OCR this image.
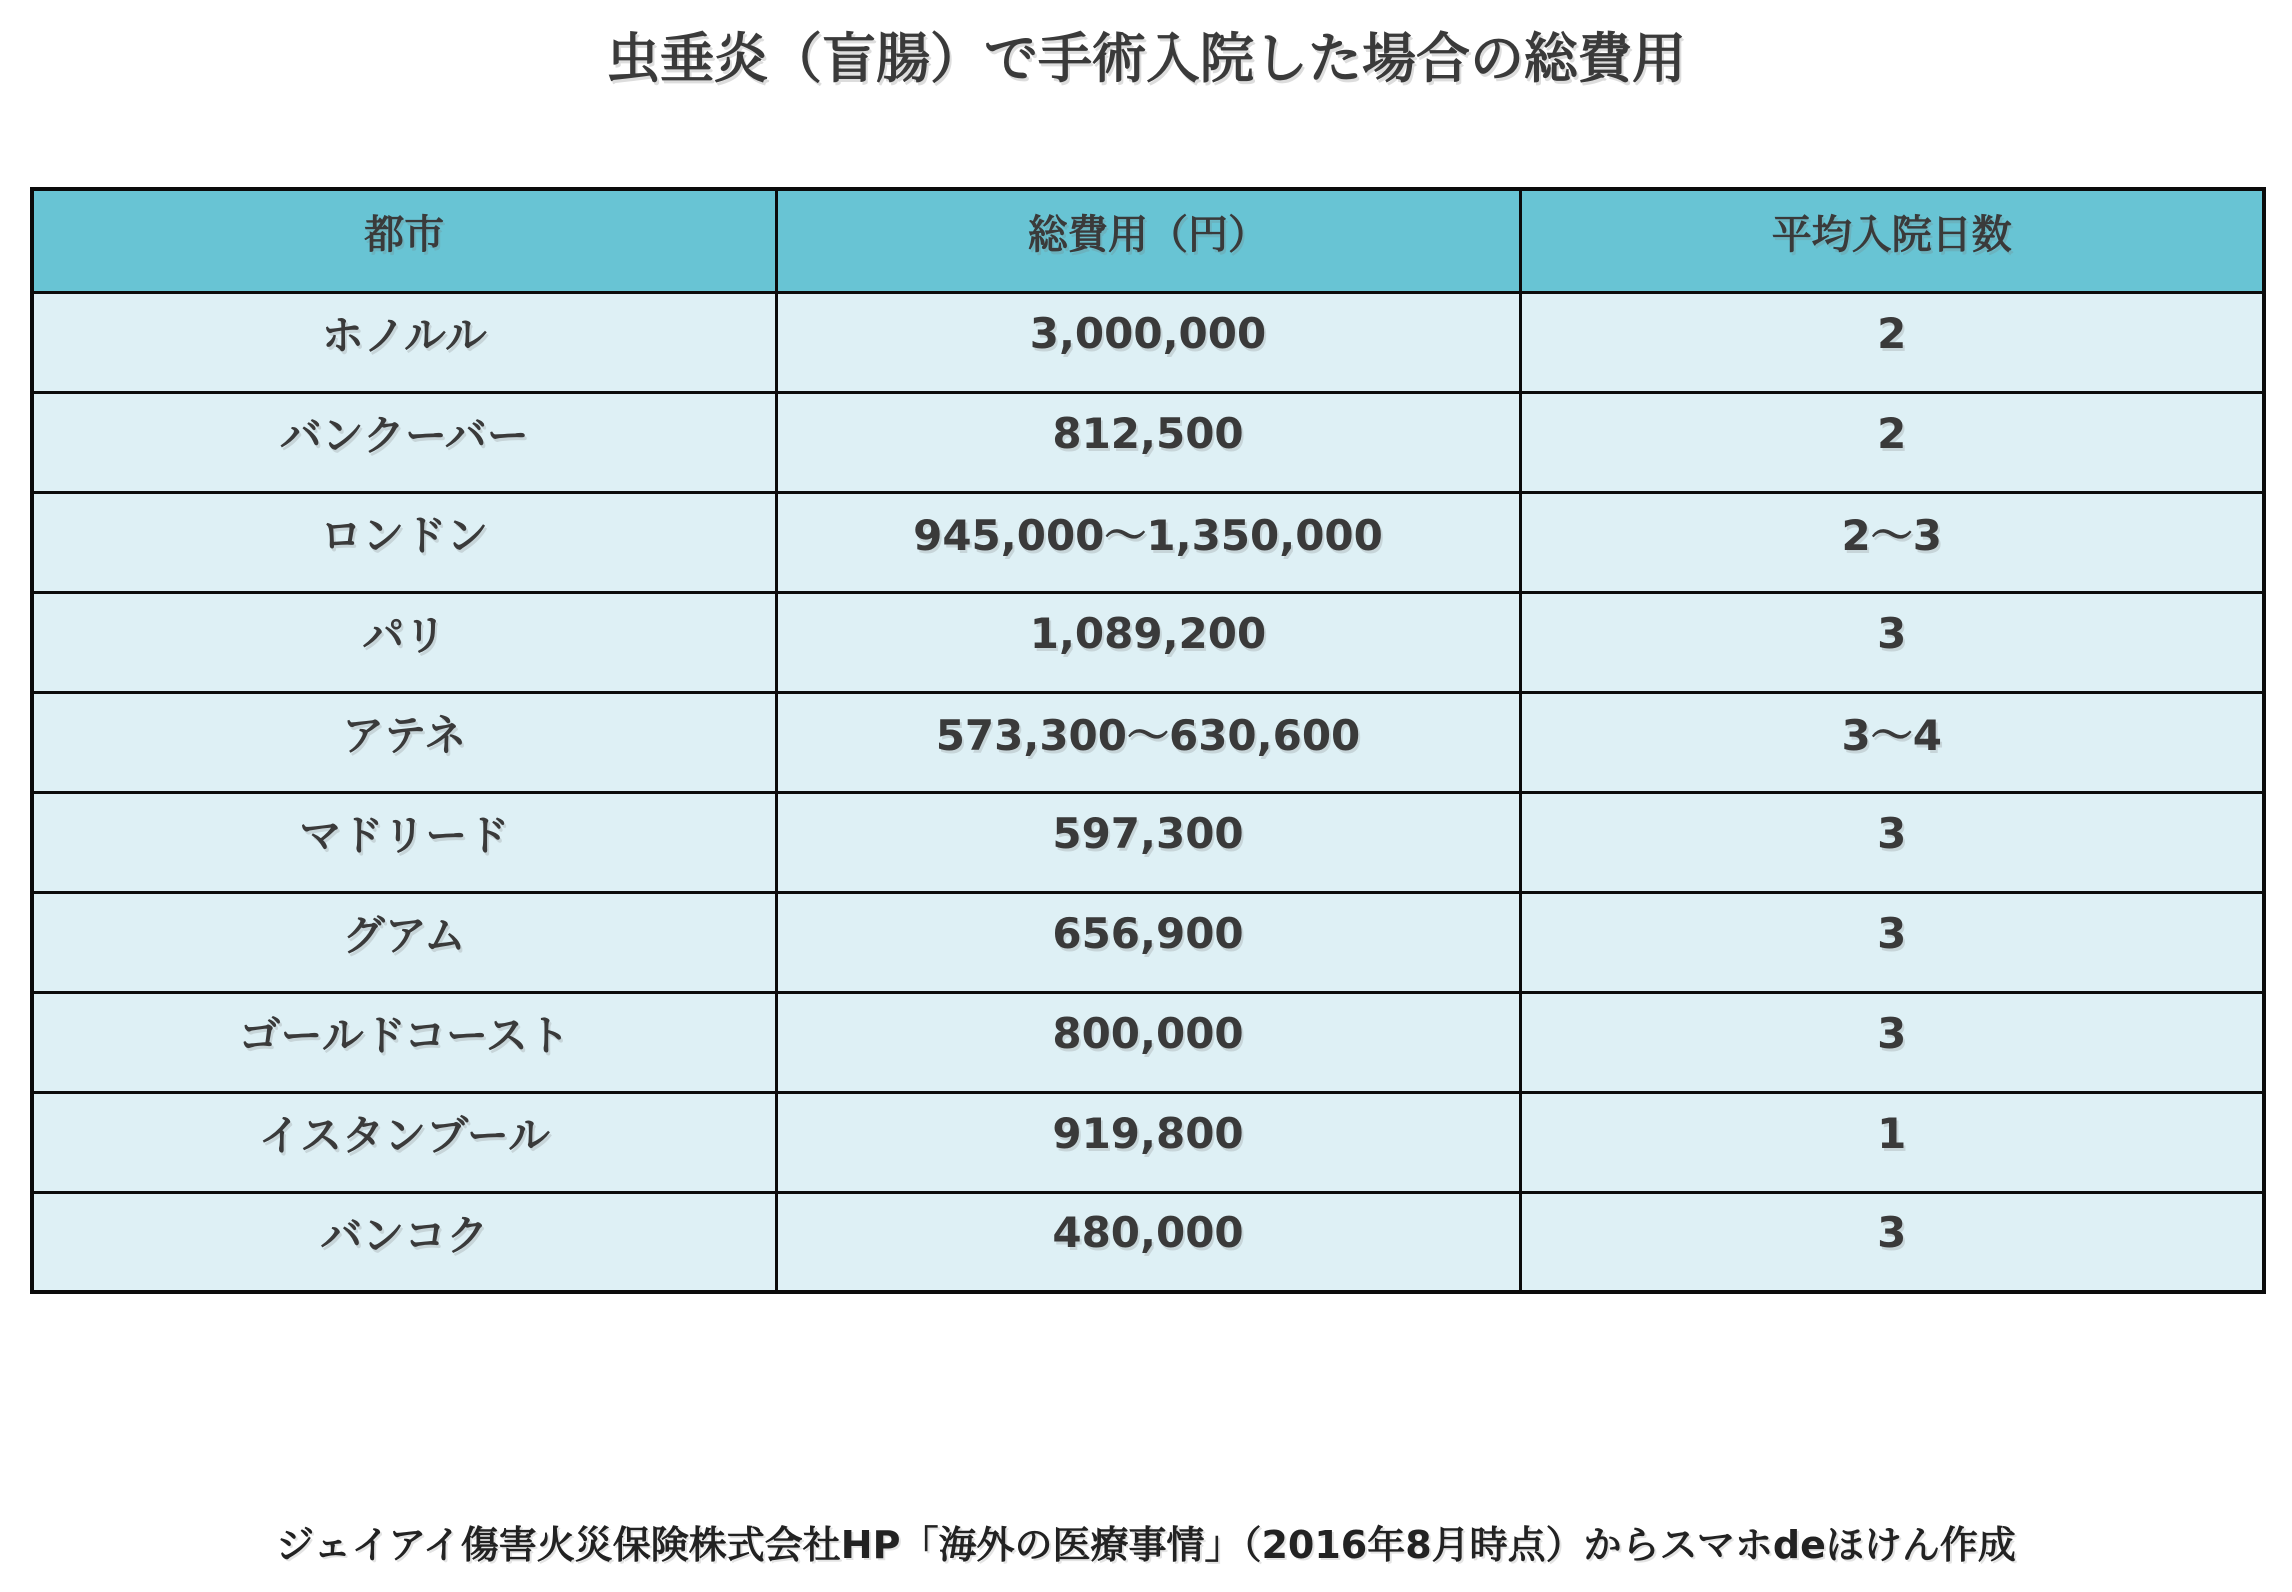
虫垂炎（盲腸）で手術入院した場合の総費用
都市	総費用（円）	平均入院日数
ホノルル	3,000,000	2
バンクーバー	812,500	2
ロンドン	945,000〜1,350,000	2〜3
パリ	1,089,200	3
アテネ	573,300〜630,600	3〜4
マドリード	597,300	3
グアム	656,900	3
ゴールドコースト	800,000	3
イスタンブール	919,800	1
バンコク	480,000	3

ジェイアイ傷害火災保険株式会社HP「海外の医療事情」（2016年8月時点）からスマホdeほけん作成
